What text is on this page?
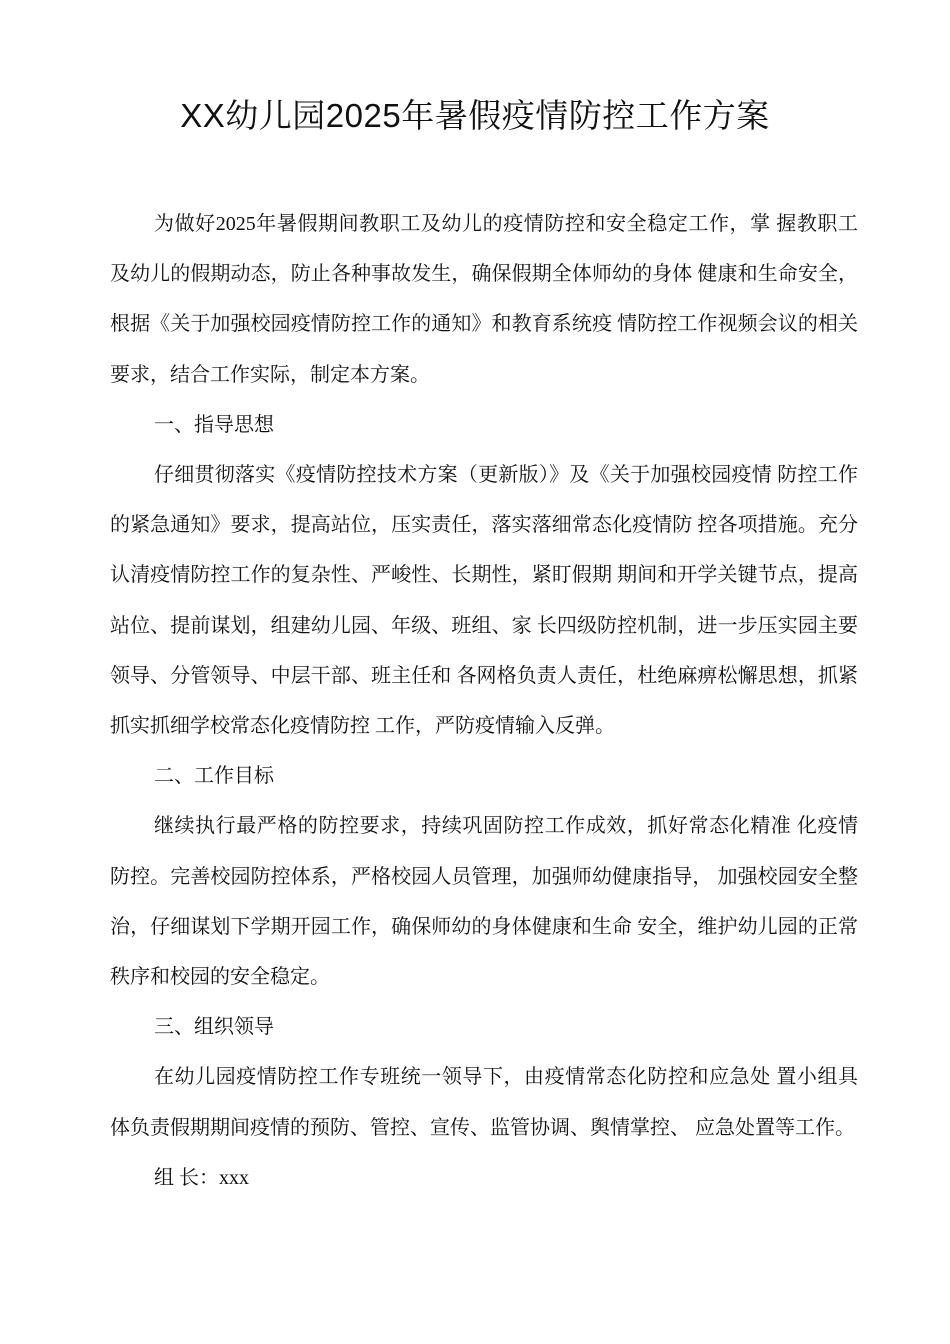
XX幼儿园2025年暑假疫情防控工作方案

为做好2025年暑假期间教职工及幼儿的疫情防控和安全稳定工作，掌 握教职工及幼儿的假期动态，防止各种事故发生，确保假期全体师幼的身体 健康和生命安全，根据《关于加强校园疫情防控工作的通知》和教育系统疫 情防控工作视频会议的相关要求，结合工作实际，制定本方案。

一、指导思想

仔细贯彻落实《疫情防控技术方案（更新版）》及《关于加强校园疫情 防控工作的紧急通知》要求，提高站位，压实责任，落实落细常态化疫情防 控各项措施。充分认清疫情防控工作的复杂性、严峻性、长期性，紧盯假期 期间和开学关键节点，提高站位、提前谋划，组建幼儿园、年级、班组、家 长四级防控机制，进一步压实园主要领导、分管领导、中层干部、班主任和 各网格负责人责任，杜绝麻痹松懈思想，抓紧抓实抓细学校常态化疫情防控 工作，严防疫情输入反弹。

二、工作目标

继续执行最严格的防控要求，持续巩固防控工作成效，抓好常态化精准 化疫情防控。完善校园防控体系，严格校园人员管理，加强师幼健康指导， 加强校园安全整治，仔细谋划下学期开园工作，确保师幼的身体健康和生命 安全，维护幼儿园的正常秩序和校园的安全稳定。

三、组织领导

在幼儿园疫情防控工作专班统一领导下，由疫情常态化防控和应急处 置小组具体负责假期期间疫情的预防、管控、宣传、监管协调、舆情掌控、 应急处置等工作。

组 长：xxx
